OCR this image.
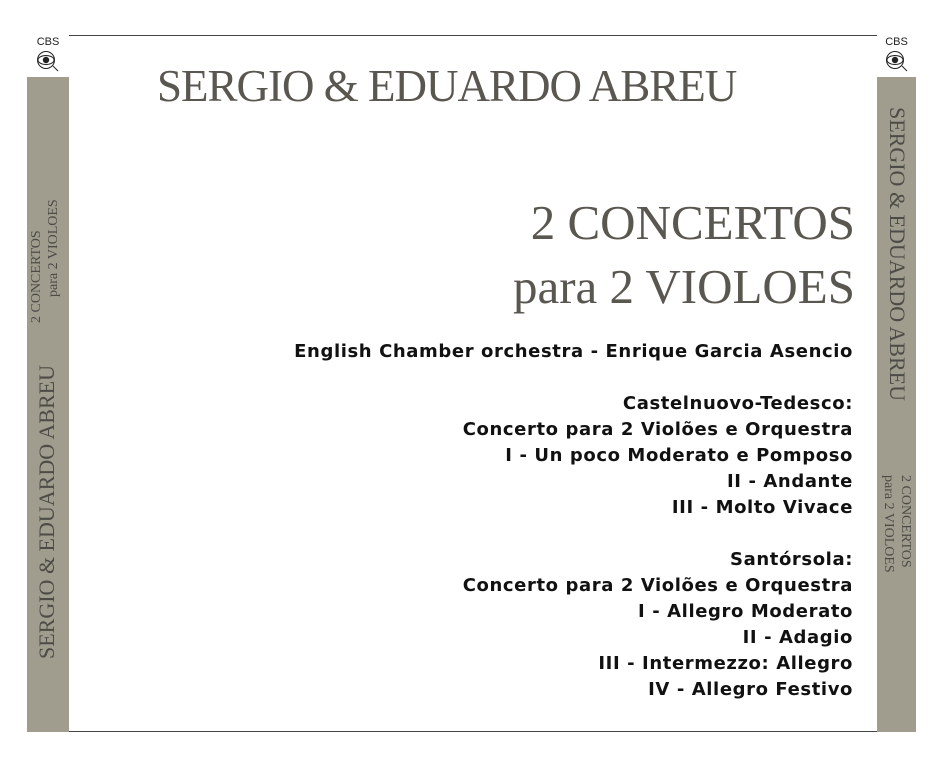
CBS
SERGIO & EDUARDO ABREU
2 CONCERTOS para 2 VIOLOES
SERGIO & EDUARDO ABREU
2 CONCERTOS
para 2 VIOLOES
English Chamber orchestra - Enrique Garcia Asencio
Castelnuovo-Tedesco:
Concerto para 2 Violões e Orquestra
I - Un poco Moderato e Pomposo
II - Andante
III - Molto Vivace
Santórsola:
Concerto para 2 Violões e Orquestra
I - Allegro Moderato
II - Adagio
III - Intermezzo: Allegro
IV - Allegro Festivo
CBS
SERGIO & EDUARDO ABREU
2 CONCERTOS
para 2 VIOLOES
